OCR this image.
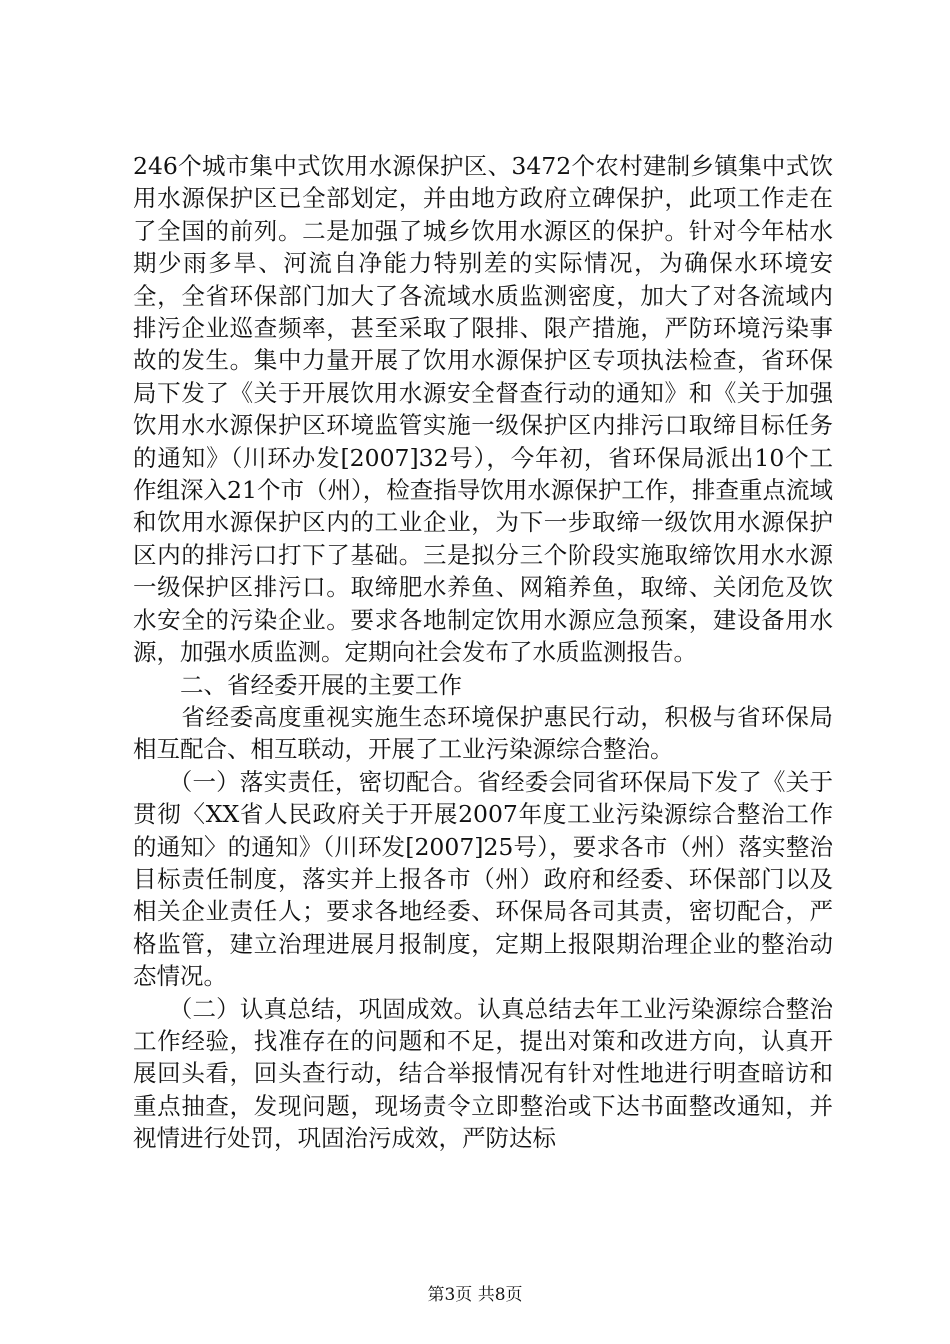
246个城市集中式饮用水源保护区、3472个农村建制乡镇集中式饮用水源保护区已全部划定，并由地方政府立碑保护，此项工作走在了全国的前列。二是加强了城乡饮用水源区的保护。针对今年枯水期少雨多旱、河流自净能力特别差的实际情况，为确保水环境安全，全省环保部门加大了各流域水质监测密度，加大了对各流域内排污企业巡查频率，甚至采取了限排、限产措施，严防环境污染事故的发生。集中力量开展了饮用水源保护区专项执法检查，省环保局下发了《关于开展饮用水源安全督查行动的通知》和《关于加强饮用水水源保护区环境监管实施一级保护区内排污口取缔目标任务的通知》（川环办发[2007]32号），今年初，省环保局派出10个工作组深入21个市（州），检查指导饮用水源保护工作，排查重点流域和饮用水源保护区内的工业企业，为下一步取缔一级饮用水源保护区内的排污口打下了基础。三是拟分三个阶段实施取缔饮用水水源一级保护区排污口。取缔肥水养鱼、网箱养鱼，取缔、关闭危及饮水安全的污染企业。要求各地制定饮用水源应急预案，建设备用水源，加强水质监测。定期向社会发布了水质监测报告。

　　二、省经委开展的主要工作

　　省经委高度重视实施生态环境保护惠民行动，积极与省环保局相互配合、相互联动，开展了工业污染源综合整治。

　　（一）落实责任，密切配合。省经委会同省环保局下发了《关于贯彻〈XX省人民政府关于开展2007年度工业污染源综合整治工作的通知〉的通知》（川环发[2007]25号），要求各市（州）落实整治目标责任制度，落实并上报各市（州）政府和经委、环保部门以及相关企业责任人；要求各地经委、环保局各司其责，密切配合，严格监管，建立治理进展月报制度，定期上报限期治理企业的整治动态情况。

　　（二）认真总结，巩固成效。认真总结去年工业污染源综合整治工作经验，找准存在的问题和不足，提出对策和改进方向，认真开展回头看，回头查行动，结合举报情况有针对性地进行明查暗访和重点抽查，发现问题，现场责令立即整治或下达书面整改通知，并视情进行处罚，巩固治污成效，严防达标

第3页 共8页
